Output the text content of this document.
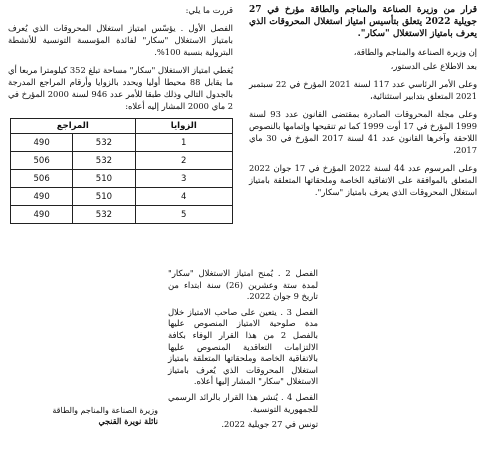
قرار من وزيرة الصناعة والمناجم والطاقة مؤرخ في 27 جويلية 2022 يتعلق بتأسيس امتياز استغلال المحروقات الذي يعرف بامتياز الاستغلال "سكار".

إن وزيرة الصناعة والمناجم والطاقة،

بعد الاطلاع على الدستور،

وعلى الأمر الرئاسي عدد 117 لسنة 2021 المؤرخ في 22 سبتمبر 2021 المتعلق بتدابير استثنائية،

وعلى مجلة المحروقات الصادرة بمقتضى القانون عدد 93 لسنة 1999 المؤرخ في 17 أوت 1999 كما تم تنقيحها وإتمامها بالنصوص اللاحقة وآخرها القانون عدد 41 لسنة 2017 المؤرخ في 30 ماي 2017،

وعلى المرسوم عدد 44 لسنة 2022 المؤرخ في 17 جوان 2022 المتعلق بالموافقة على الاتفاقية الخاصة وملحقاتها المتعلقة بامتياز استغلال المحروقات الذي يعرف بامتياز "سكار".

قررت ما يلي:

الفصل الأول . يؤسّس امتياز استغلال المحروقات الذي يُعرف بامتياز الاستغلال "سكار" لفائدة المؤسسة التونسية للأنشطة البترولية بنسبة 100%.

يُغطي امتياز الاستغلال "سكار" مساحة تبلغ 352 كيلومترا مربعا أي ما يقابل 88 محيطا أوليا ويحدد بالزوايا وأرقام المراجع المدرجة بالجدول التالي وذلك طبقا للأمر عدد 946 لسنة 2000 المؤرخ في 2 ماي 2000 المشار إليه أعلاه:

الزوايا	المراجع	
1	532	490
2	532	506
3	510	506
4	510	490
5	532	490

الفصل 2 . يُمنح امتياز الاستغلال "سكار" لمدة ستة وعشرين (26) سنة ابتداء من تاريخ 9 جوان 2022.

الفصل 3 . يتعين على صاحب الامتياز خلال مدة صلوحية الامتياز المنصوص عليها بالفصل 2 من هذا القرار الوفاء بكافة الالتزامات التعاقدية المنصوص عليها بالاتفاقية الخاصة وملحقاتها المتعلقة بامتياز استغلال المحروقات الذي يُعرف بامتياز الاستغلال "سكار" المشار إليها أعلاه.

الفصل 4 . يُنشر هذا القرار بالرائد الرسمي للجمهورية التونسية.

تونس في 27 جويلية 2022.

وزيرة الصناعة والمناجم والطاقة
نائلة نويرة القنجي
